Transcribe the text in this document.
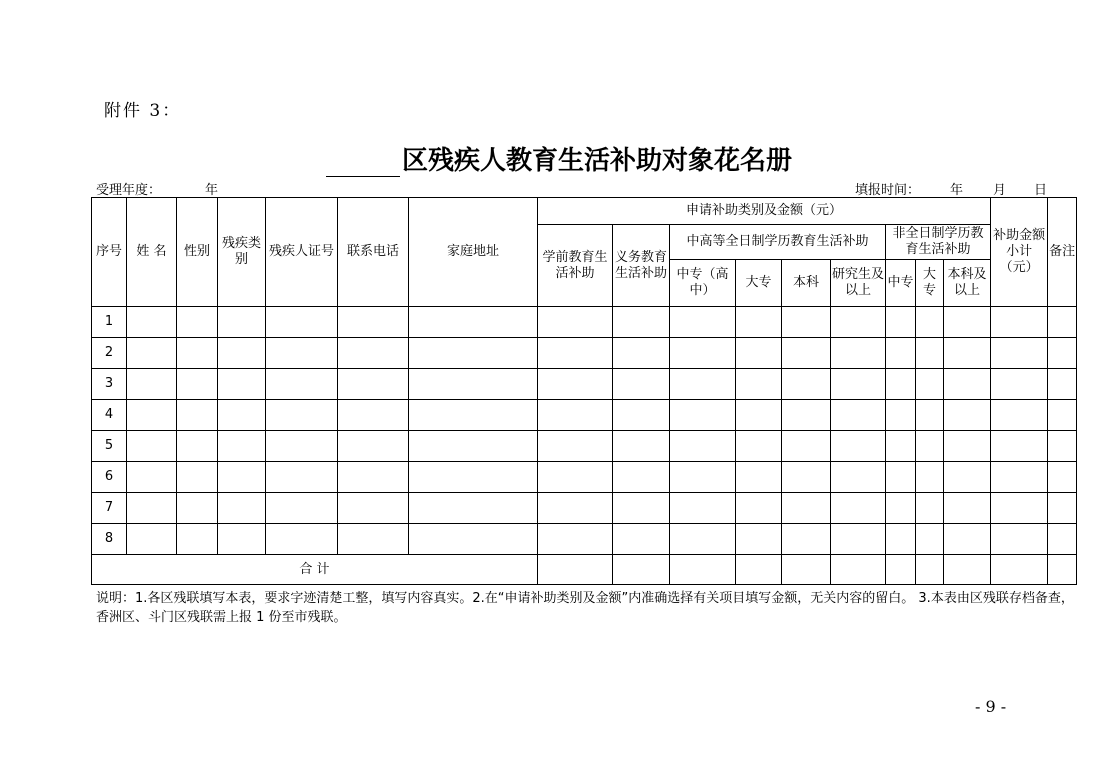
附件 3：
区残疾人教育生活补助对象花名册
受理年度：	年	填报时间： 年 月 日
序号	姓 名	性别	残疾类别	残疾人证号	联系电话	家庭地址	申请补助类别及金额（元）									补助金额小计（元）	备注
							学前教育生活补助	义务教育生活补助	中高等全日制学历教育生活补助				非全日制学历教育生活补助				
									中专（高中）	大专	本科	研究生及以上	中专	大专	本科及以上		
1																	
2																	
3																	
4																	
5																	
6																	
7																	
8																	
合 计																	
说明：1.各区残联填写本表，要求字迹清楚工整，填写内容真实。2.在“申请补助类别及金额”内准确选择有关项目填写金额，无关内容的留白。 3.本表由区残联存档备查，香洲区、斗门区残联需上报 1 份至市残联。
- 9 -
